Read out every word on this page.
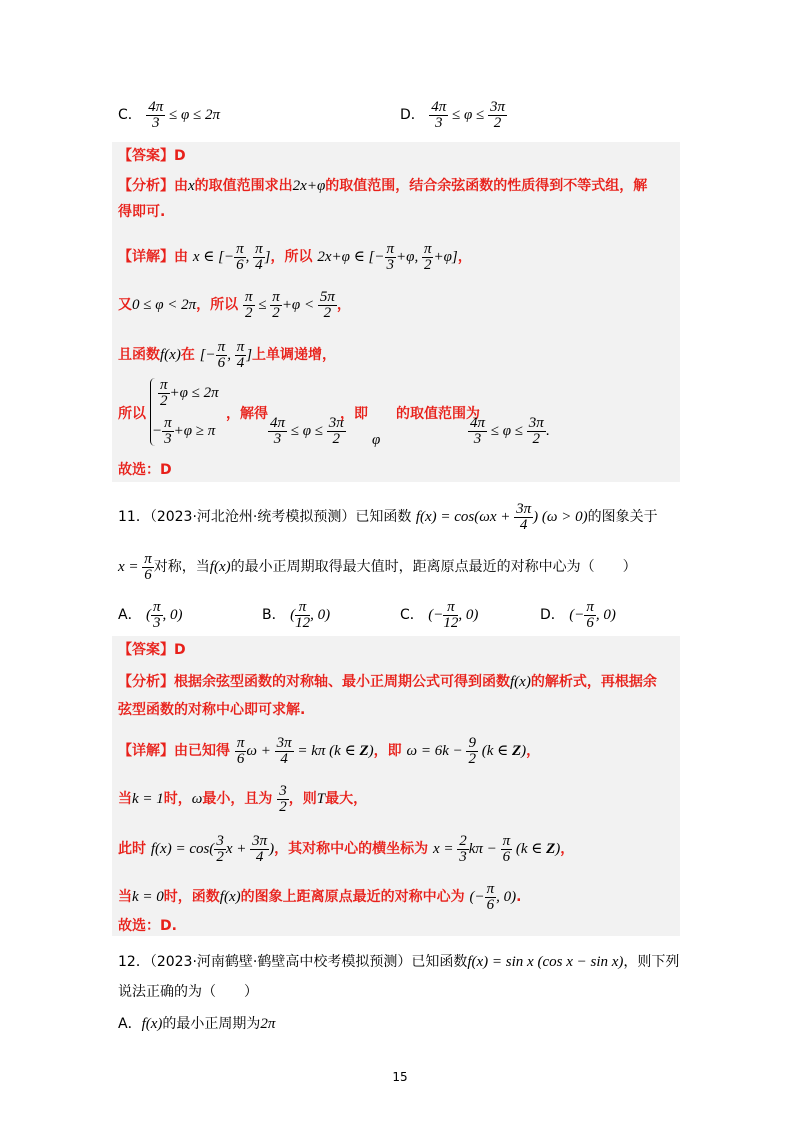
C． $\frac{4\pi}{3} \le \varphi \le 2\pi$	D． $\frac{4\pi}{3} \le \varphi \le \frac{3\pi}{2}$
【答案】D
【分析】由x的取值范围求出2x+φ的取值范围，结合余弦函数的性质得到不等式组，解
得即可.
【详解】由 x ∈ [− $\frac{\pi}{6}$ , $\frac{\pi}{4}$ ]，所以 2x+φ ∈ [− $\frac{\pi}{3} +\varphi$, $\frac{\pi}{2} +\varphi$]，
又0 ≤ φ < 2π，所以 $\frac{\pi}{2} \le \frac{\pi}{2} +\varphi < \frac{5\pi}{2}$ ，
且函数f(x)在 [− $\frac{\pi}{6}$ , $\frac{\pi}{4}$ ]上单调递增，
$\frac{\pi}{2} +\varphi \le 2\pi$
− $\frac{\pi}{3} +\varphi \ge \pi$
所以	，解得
$\frac{4\pi}{3} \le \varphi \le \frac{3\pi}{2}$
，即
φ
的取值范围为
$\frac{4\pi}{3} \le \varphi \le \frac{3\pi}{2}$ .
故选：D
11．（2023·河北沧州·统考模拟预测）已知函数 $f(x) = \cos(\omega x + \frac{3\pi}{4}$ ) (ω > 0)的图象关于
$x = \frac{\pi}{6}$ 对称，当f(x)的最小正周期取得最大值时，距离原点最近的对称中心为（　　）
A． ( $\frac{\pi}{3}$ , 0)	B． ( $\frac{\pi}{12}$ , 0)	C． (− $\frac{\pi}{12}$ , 0)	D． (− $\frac{\pi}{6}$ , 0)
【答案】D
【分析】根据余弦型函数的对称轴、最小正周期公式可得到函数f(x)的解析式，再根据余
弦型函数的对称中心即可求解.
【详解】由已知得 $\frac{\pi}{6}$ $\omega + \frac{3\pi}{4} = k\pi$ (k ∈ Z)，即 $\omega = 6k - \frac{9}{2} (k$ ∈ Z)，
当k = 1时，ω最小，且为 $\frac{3}{2}$ ，则T最大，
此时 $f(x) = \cos( \frac{3}{2}$ $x + \frac{3\pi}{4}$ )，其对称中心的横坐标为 $x = \frac{2}{3}$ $k\pi - \frac{\pi}{6} (k$ ∈ Z)，
当k = 0时，函数f(x)的图象上距离原点最近的对称中心为 (− $\frac{\pi}{6}$ , 0).
故选：D.
12．（2023·河南鹤壁·鹤壁高中校考模拟预测）已知函数f(x) = sin x (cos x − sin x)，则下列
说法正确的为（　　）
A．f(x)的最小正周期为2π
15
